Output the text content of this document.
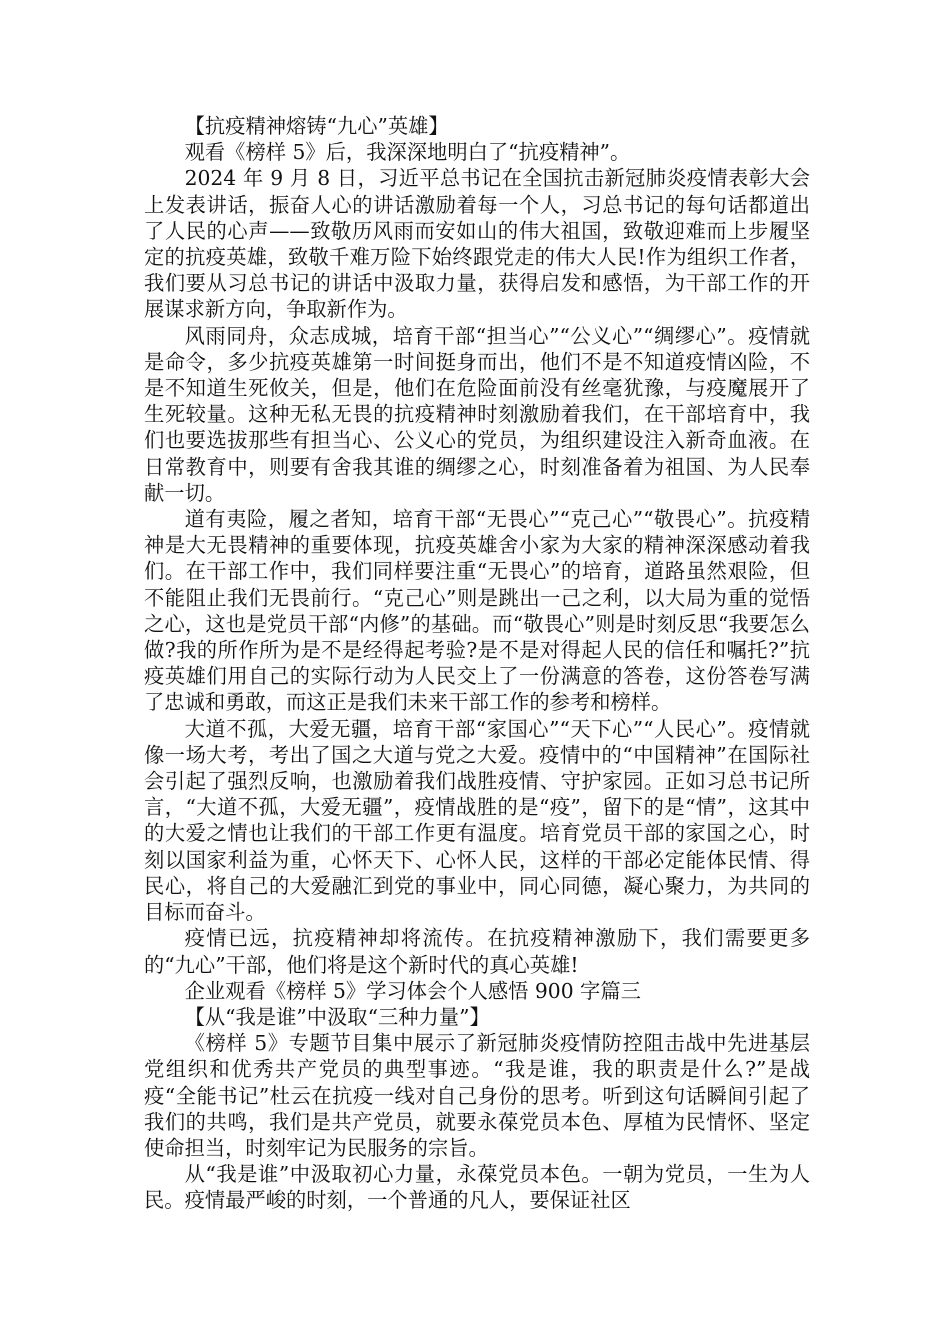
【抗疫精神熔铸“九心”英雄】

观看《榜样 5》后，我深深地明白了“抗疫精神”。

2024 年 9 月 8 日，习近平总书记在全国抗击新冠肺炎疫情表彰大会上发表讲话，振奋人心的讲话激励着每一个人，习总书记的每句话都道出了人民的心声——致敬历风雨而安如山的伟大祖国，致敬迎难而上步履坚定的抗疫英雄，致敬千难万险下始终跟党走的伟大人民!作为组织工作者，我们要从习总书记的讲话中汲取力量，获得启发和感悟，为干部工作的开展谋求新方向，争取新作为。

风雨同舟，众志成城，培育干部“担当心”“公义心”“绸缪心”。疫情就是命令，多少抗疫英雄第一时间挺身而出，他们不是不知道疫情凶险，不是不知道生死攸关，但是，他们在危险面前没有丝毫犹豫，与疫魔展开了生死较量。这种无私无畏的抗疫精神时刻激励着我们，在干部培育中，我们也要选拔那些有担当心、公义心的党员，为组织建设注入新奇血液。在日常教育中，则要有舍我其谁的绸缪之心，时刻准备着为祖国、为人民奉献一切。

道有夷险，履之者知，培育干部“无畏心”“克己心”“敬畏心”。抗疫精神是大无畏精神的重要体现，抗疫英雄舍小家为大家的精神深深感动着我们。在干部工作中，我们同样要注重“无畏心”的培育，道路虽然艰险，但不能阻止我们无畏前行。“克己心”则是跳出一己之利，以大局为重的觉悟之心，这也是党员干部“内修”的基础。而“敬畏心”则是时刻反思“我要怎么做?我的所作所为是不是经得起考验?是不是对得起人民的信任和嘱托?”抗疫英雄们用自己的实际行动为人民交上了一份满意的答卷，这份答卷写满了忠诚和勇敢，而这正是我们未来干部工作的参考和榜样。

大道不孤，大爱无疆，培育干部“家国心”“天下心”“人民心”。疫情就像一场大考，考出了国之大道与党之大爱。疫情中的“中国精神”在国际社会引起了强烈反响，也激励着我们战胜疫情、守护家园。正如习总书记所言，“大道不孤，大爱无疆”，疫情战胜的是“疫”，留下的是“情”，这其中的大爱之情也让我们的干部工作更有温度。培育党员干部的家国之心，时刻以国家利益为重，心怀天下、心怀人民，这样的干部必定能体民情、得民心，将自己的大爱融汇到党的事业中，同心同德，凝心聚力，为共同的目标而奋斗。

疫情已远，抗疫精神却将流传。在抗疫精神激励下，我们需要更多的“九心”干部，他们将是这个新时代的真心英雄!

企业观看《榜样 5》学习体会个人感悟 900 字篇三

【从“我是谁”中汲取“三种力量”】

《榜样 5》专题节目集中展示了新冠肺炎疫情防控阻击战中先进基层党组织和优秀共产党员的典型事迹。“我是谁，我的职责是什么?”是战疫“全能书记”杜云在抗疫一线对自己身份的思考。听到这句话瞬间引起了我们的共鸣，我们是共产党员，就要永葆党员本色、厚植为民情怀、坚定使命担当，时刻牢记为民服务的宗旨。

从“我是谁”中汲取初心力量，永葆党员本色。一朝为党员，一生为人民。疫情最严峻的时刻，一个普通的凡人，要保证社区
